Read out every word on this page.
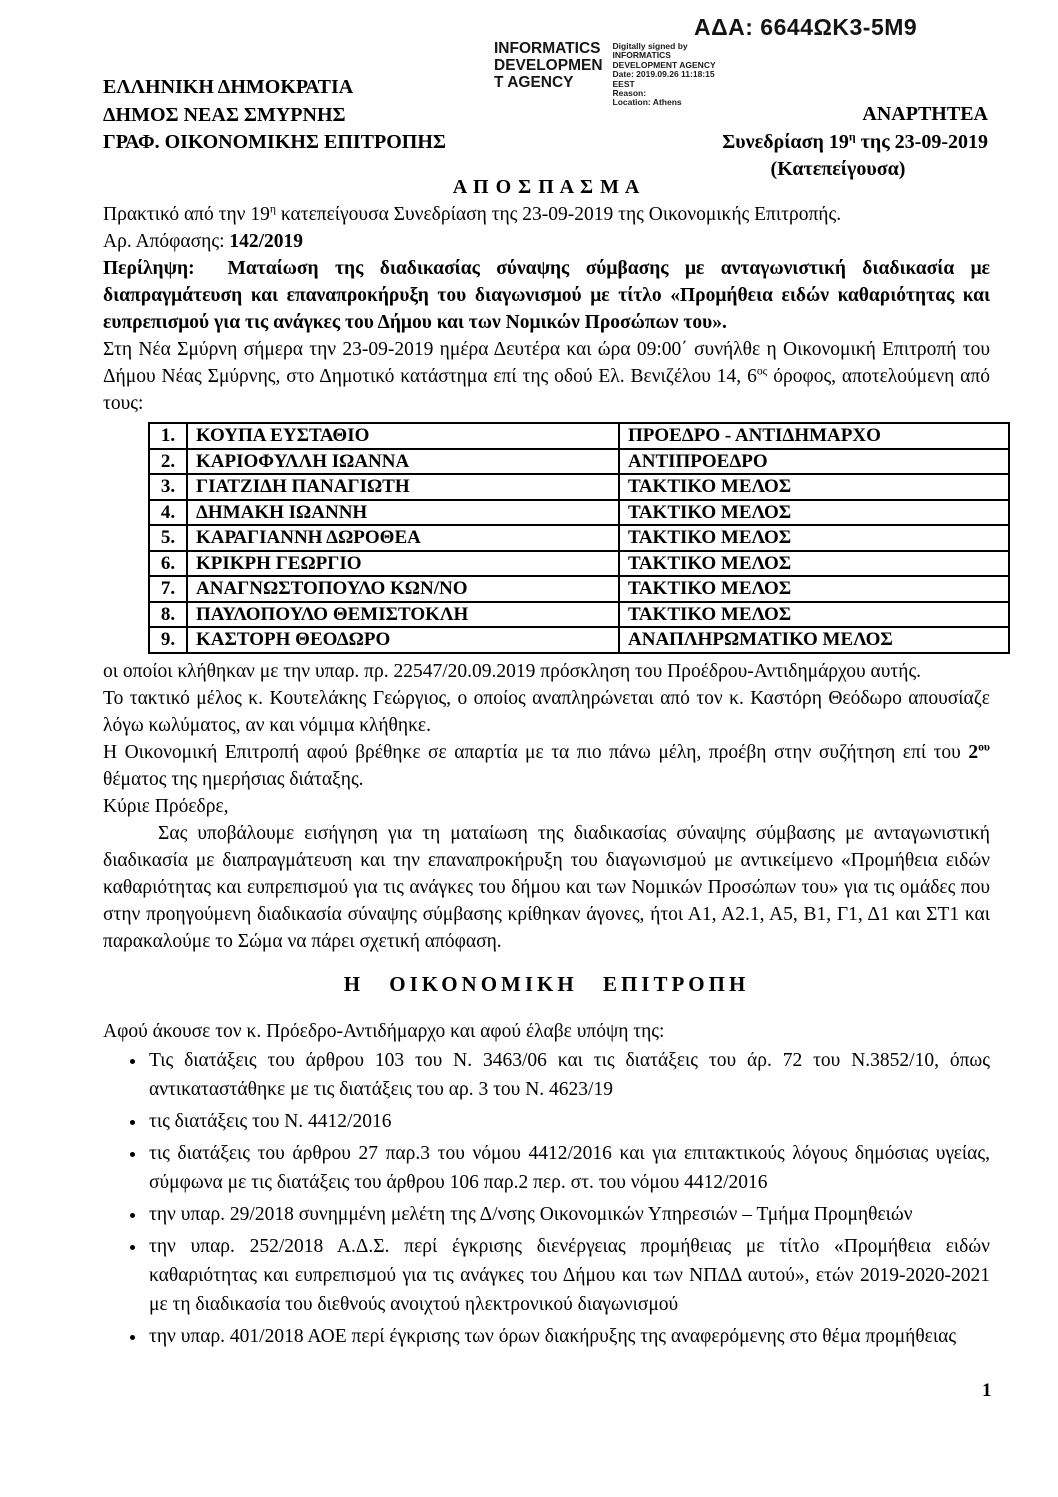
ΑΔΑ: 6644ΩΚ3-5Μ9
INFORMATICS
DEVELOPMEN
T AGENCY
Digitally signed by
INFORMATICS
DEVELOPMENT AGENCY
Date: 2019.09.26 11:18:15
EEST
Reason:
Location: Athens
ΕΛΛΗΝΙΚΗ ΔΗΜΟΚΡΑΤΙΑ
ΔΗΜΟΣ ΝΕΑΣ ΣΜΥΡΝΗΣ
ΓΡΑΦ. ΟΙΚΟΝΟΜΙΚΗΣ ΕΠΙΤΡΟΠΗΣ
ΑΝΑΡΤΗΤΕΑ
Συνεδρίαση $19^\eta$ της 23-09-2019
(Κατεπείγουσα)
Α Π Ο Σ Π Α Σ Μ Α

Πρακτικό από την $19^\eta$ κατεπείγουσα Συνεδρίαση της 23-09-2019 της Οικονομικής Επιτροπής.

Αρ. Απόφασης: 142/2019

Περίληψη: Ματαίωση της διαδικασίας σύναψης σύμβασης με ανταγωνιστική διαδικασία με διαπραγμάτευση και επαναπροκήρυξη του διαγωνισμού με τίτλο «Προμήθεια ειδών καθαριότητας και ευπρεπισμού για τις ανάγκες του Δήμου και των Νομικών Προσώπων του».

Στη Νέα Σμύρνη σήμερα την 23-09-2019 ημέρα Δευτέρα και ώρα 09:00΄ συνήλθε η Οικονομική Επιτροπή του Δήμου Νέας Σμύρνης, στο Δημοτικό κατάστημα επί της οδού Ελ. Βενιζέλου 14, $6^{o\varsigma}$ όροφος, αποτελούμενη από τους:

1.	ΚΟΥΠΑ ΕΥΣΤΑΘΙΟ	ΠΡΟΕΔΡΟ - ΑΝΤΙΔΗΜΑΡΧΟ
2.	ΚΑΡΙΟΦΥΛΛΗ ΙΩΑΝΝΑ	ΑΝΤΙΠΡΟΕΔΡΟ
3.	ΓΙΑΤΖΙΔΗ ΠΑΝΑΓΙΩΤΗ	ΤΑΚΤΙΚΟ ΜΕΛΟΣ
4.	ΔΗΜΑΚΗ ΙΩΑΝΝΗ	ΤΑΚΤΙΚΟ ΜΕΛΟΣ
5.	ΚΑΡΑΓΙΑΝΝΗ ΔΩΡΟΘΕΑ	ΤΑΚΤΙΚΟ ΜΕΛΟΣ
6.	ΚΡΙΚΡΗ ΓΕΩΡΓΙΟ	ΤΑΚΤΙΚΟ ΜΕΛΟΣ
7.	ΑΝΑΓΝΩΣΤΟΠΟΥΛΟ ΚΩΝ/ΝΟ	ΤΑΚΤΙΚΟ ΜΕΛΟΣ
8.	ΠΑΥΛΟΠΟΥΛΟ ΘΕΜΙΣΤΟΚΛΗ	ΤΑΚΤΙΚΟ ΜΕΛΟΣ
9.	ΚΑΣΤΟΡΗ ΘΕΟΔΩΡΟ	ΑΝΑΠΛΗΡΩΜΑΤΙΚΟ ΜΕΛΟΣ

οι οποίοι κλήθηκαν με την υπαρ. πρ. 22547/20.09.2019 πρόσκληση του Προέδρου-Αντιδημάρχου αυτής.

Το τακτικό μέλος κ. Κουτελάκης Γεώργιος, ο οποίος αναπληρώνεται από τον κ. Καστόρη Θεόδωρο απουσίαζε λόγω κωλύματος, αν και νόμιμα κλήθηκε.

Η Οικονομική Επιτροπή αφού βρέθηκε σε απαρτία με τα πιο πάνω μέλη, προέβη στην συζήτηση επί του $2^{o\upsilon}$ θέματος της ημερήσιας διάταξης.

Κύριε Πρόεδρε,

Σας υποβάλουμε εισήγηση για τη ματαίωση της διαδικασίας σύναψης σύμβασης με ανταγωνιστική διαδικασία με διαπραγμάτευση και την επαναπροκήρυξη του διαγωνισμού με αντικείμενο «Προμήθεια ειδών καθαριότητας και ευπρεπισμού για τις ανάγκες του δήμου και των Νομικών Προσώπων του» για τις ομάδες που στην προηγούμενη διαδικασία σύναψης σύμβασης κρίθηκαν άγονες, ήτοι Α1, Α2.1, Α5, Β1, Γ1, Δ1 και ΣΤ1 και παρακαλούμε το Σώμα να πάρει σχετική απόφαση.

Η ΟΙΚΟΝΟΜΙΚΗ ΕΠΙΤΡΟΠΗ

Αφού άκουσε τον κ. Πρόεδρο-Αντιδήμαρχο και αφού έλαβε υπόψη της:

• Τις διατάξεις του άρθρου 103 του Ν. 3463/06 και τις διατάξεις του άρ. 72 του Ν.3852/10, όπως αντικαταστάθηκε με τις διατάξεις του αρ. 3 του Ν. 4623/19
• τις διατάξεις του Ν. 4412/2016
• τις διατάξεις του άρθρου 27 παρ.3 του νόμου 4412/2016 και για επιτακτικούς λόγους δημόσιας υγείας, σύμφωνα με τις διατάξεις του άρθρου 106 παρ.2 περ. στ. του νόμου 4412/2016
• την υπαρ. 29/2018 συνημμένη μελέτη της Δ/νσης Οικονομικών Υπηρεσιών – Τμήμα Προμηθειών
• την υπαρ. 252/2018 Α.Δ.Σ. περί έγκρισης διενέργειας προμήθειας με τίτλο «Προμήθεια ειδών καθαριότητας και ευπρεπισμού για τις ανάγκες του Δήμου και των ΝΠΔΔ αυτού», ετών 2019-2020-2021 με τη διαδικασία του διεθνούς ανοιχτού ηλεκτρονικού διαγωνισμού
• την υπαρ. 401/2018 ΑΟΕ περί έγκρισης των όρων διακήρυξης της αναφερόμενης στο θέμα προμήθειας
1
